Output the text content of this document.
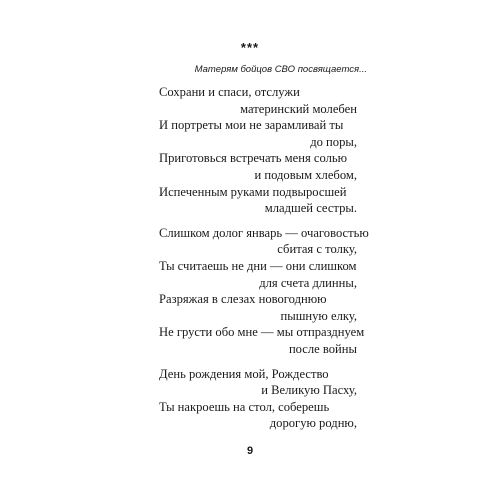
***
Матерям бойцов СВО посвящается...
Сохрани и спаси, отслужи
материнский молебен
И портреты мои не зарамливай ты
до поры,
Приготовься встречать меня солью
и подовым хлебом,
Испеченным руками подвыросшей
младшей сестры.
Слишком долог январь — очаговостью
сбитая с толку,
Ты считаешь не дни — они слишком
для счета длинны,
Разряжая в слезах новогоднюю
пышную елку,
Не грусти обо мне — мы отпразднуем
после войны
День рождения мой, Рождество
и Великую Пасху,
Ты накроешь на стол, соберешь
дорогую родню,
9
